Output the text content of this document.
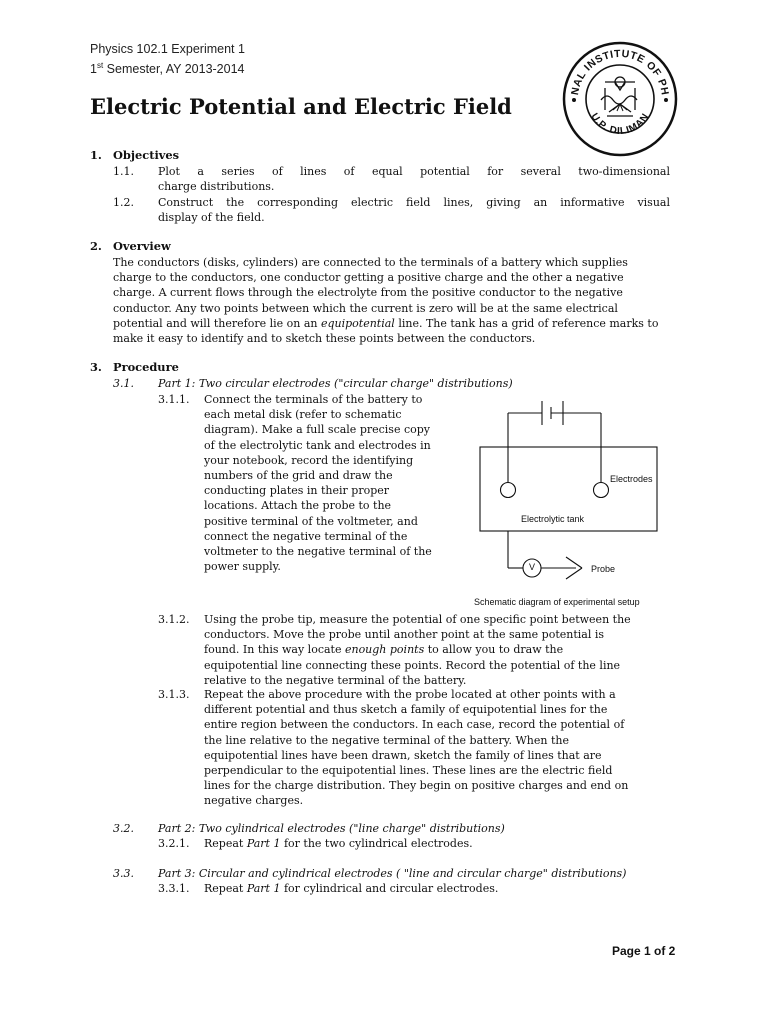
Physics 102.1 Experiment 1
1st Semester, AY 2013-2014
NAL INSTITUTE OF PH
U.P. DILIMAN
Electric Potential and Electric Field
1. Objectives
1.1. Plot a series of lines of equal potential for several two-dimensional
charge distributions.
1.2. Construct the corresponding electric field lines, giving an informative visual
display of the field.
2. Overview
The conductors (disks, cylinders) are connected to the terminals of a battery which supplies
charge to the conductors, one conductor getting a positive charge and the other a negative
charge. A current flows through the electrolyte from the positive conductor to the negative
conductor. Any two points between which the current is zero will be at the same electrical
potential and will therefore lie on an equipotential line. The tank has a grid of reference marks to
make it easy to identify and to sketch these points between the conductors.
3. Procedure
3.1. Part 1: Two circular electrodes ("circular charge" distributions)
3.1.1. Connect the terminals of the battery to
each metal disk (refer to schematic
diagram). Make a full scale precise copy
of the electrolytic tank and electrodes in
your notebook, record the identifying
numbers of the grid and draw the
conducting plates in their proper
locations. Attach the probe to the
positive terminal of the voltmeter, and
connect the negative terminal of the
voltmeter to the negative terminal of the
power supply.
Electrodes
Electrolytic tank
V	Probe
Schematic diagram of experimental setup
3.1.2. Using the probe tip, measure the potential of one specific point between the
conductors. Move the probe until another point at the same potential is
found. In this way locate enough points to allow you to draw the
equipotential line connecting these points. Record the potential of the line
relative to the negative terminal of the battery.
3.1.3. Repeat the above procedure with the probe located at other points with a
different potential and thus sketch a family of equipotential lines for the
entire region between the conductors. In each case, record the potential of
the line relative to the negative terminal of the battery. When the
equipotential lines have been drawn, sketch the family of lines that are
perpendicular to the equipotential lines. These lines are the electric field
lines for the charge distribution. They begin on positive charges and end on
negative charges.
3.2. Part 2: Two cylindrical electrodes ("line charge" distributions)
3.2.1. Repeat Part 1 for the two cylindrical electrodes.
3.3. Part 3: Circular and cylindrical electrodes ( "line and circular charge" distributions)
3.3.1. Repeat Part 1 for cylindrical and circular electrodes.
Page 1 of 2
